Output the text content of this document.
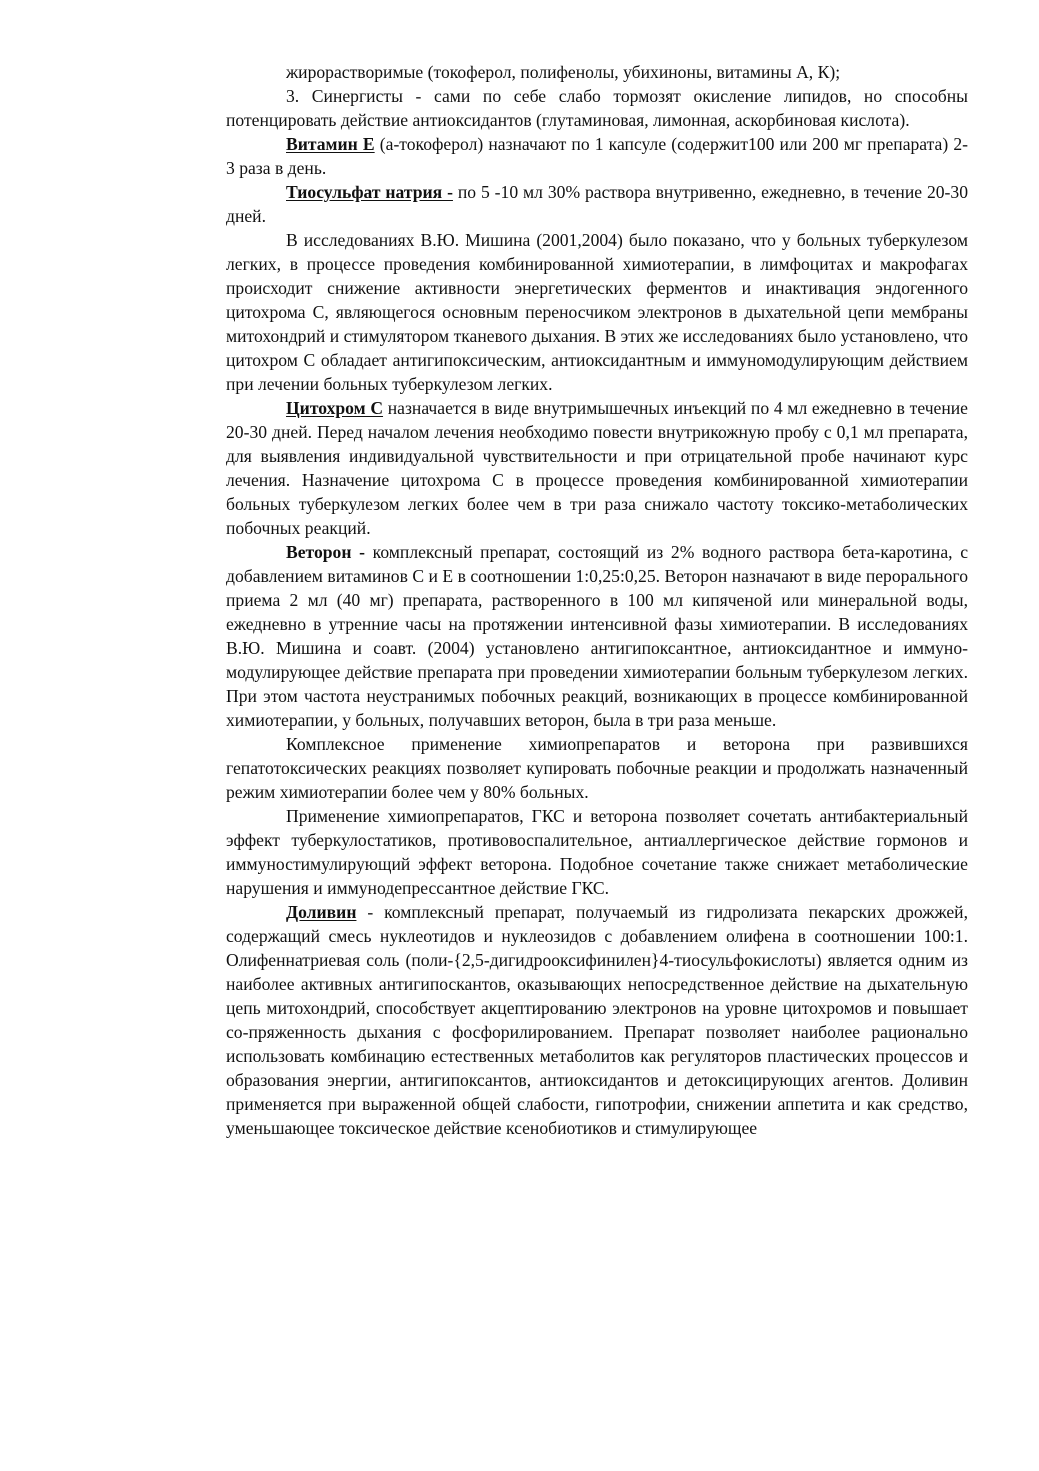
жирорастворимые (токоферол, полифенолы, убихиноны, витамины А, К);

3. Синергисты - сами по себе слабо тормозят окисление липидов, но способны потенцировать действие антиоксидантов (глутаминовая, лимонная, аскорбиновая кислота).

Витамин Е (а-токоферол) назначают по 1 капсуле (содержит100 или 200 мг препарата) 2-3 раза в день.

Тиосульфат натрия - по 5 -10 мл 30% раствора внутривенно, ежедневно, в течение 20-30 дней.

В исследованиях В.Ю. Мишина (2001,2004) было показано, что у больных туберкулезом легких, в процессе проведения комбинированной химиотерапии, в лимфоцитах и макрофагах происходит снижение активности энергетических ферментов и инактивация эндогенного цитохрома С, являющегося основным переносчиком электронов в дыхательной цепи мембраны митохондрий и стимулятором тканевого дыхания. В этих же исследованиях было установлено, что цитохром С обладает антигипоксическим, антиоксидантным и иммуномодулирующим действием при лечении больных туберкулезом легких.

Цитохром С назначается в виде внутримышечных инъекций по 4 мл ежедневно в течение 20-30 дней. Перед началом лечения необходимо повести внутрикожную пробу с 0,1 мл препарата, для выявления индивидуальной чувствительности и при отрицательной пробе начинают курс лечения. Назначение цитохрома С в процессе проведения комбинированной химиотерапии больных туберкулезом легких более чем в три раза снижало частоту токсико-метаболических побочных реакций.

Веторон - комплексный препарат, состоящий из 2% водного раствора бета-каротина, с добавлением витаминов С и Е в соотношении 1:0,25:0,25. Веторон назначают в виде перорального приема 2 мл (40 мг) препарата, растворенного в 100 мл кипяченой или минеральной воды, ежедневно в утренние часы на протяжении интенсивной фазы химиотерапии. В исследованиях В.Ю. Мишина и соавт. (2004) установлено антигипоксантное, антиоксидантное и иммуно-модулирующее действие препарата при проведении химиотерапии больным туберкулезом легких. При этом частота неустранимых побочных реакций, возникающих в процессе комбинированной химиотерапии, у больных, получавших веторон, была в три раза меньше.

Комплексное применение химиопрепаратов и веторона при развившихся гепатотоксических реакциях позволяет купировать побочные реакции и продолжать назначенный режим химиотерапии более чем у 80% больных.

Применение химиопрепаратов, ГКС и веторона позволяет сочетать антибактериальный эффект туберкулостатиков, противовоспалительное, антиаллергическое действие гормонов и иммуностимулирующий эффект веторона. Подобное сочетание также снижает метаболические нарушения и иммунодепрессантное действие ГКС.

Доливин - комплексный препарат, получаемый из гидролизата пекарских дрожжей, содержащий смесь нуклеотидов и нуклеозидов с добавлением олифена в соотношении 100:1. Олифеннатриевая соль (поли-{2,5-дигидрооксифинилен}4-тиосульфокислоты) является одним из наиболее активных антигипоскантов, оказывающих непосредственное действие на дыхательную цепь митохондрий, способствует акцептированию электронов на уровне цитохромов и повышает со-пряженность дыхания с фосфорилированием. Препарат позволяет наиболее рационально использовать комбинацию естественных метаболитов как регуляторов пластических процессов и образования энергии, антигипоксантов, антиоксидантов и детоксицирующих агентов. Доливин применяется при выраженной общей слабости, гипотрофии, снижении аппетита и как средство, уменьшающее токсическое действие ксенобиотиков и стимулирующее
